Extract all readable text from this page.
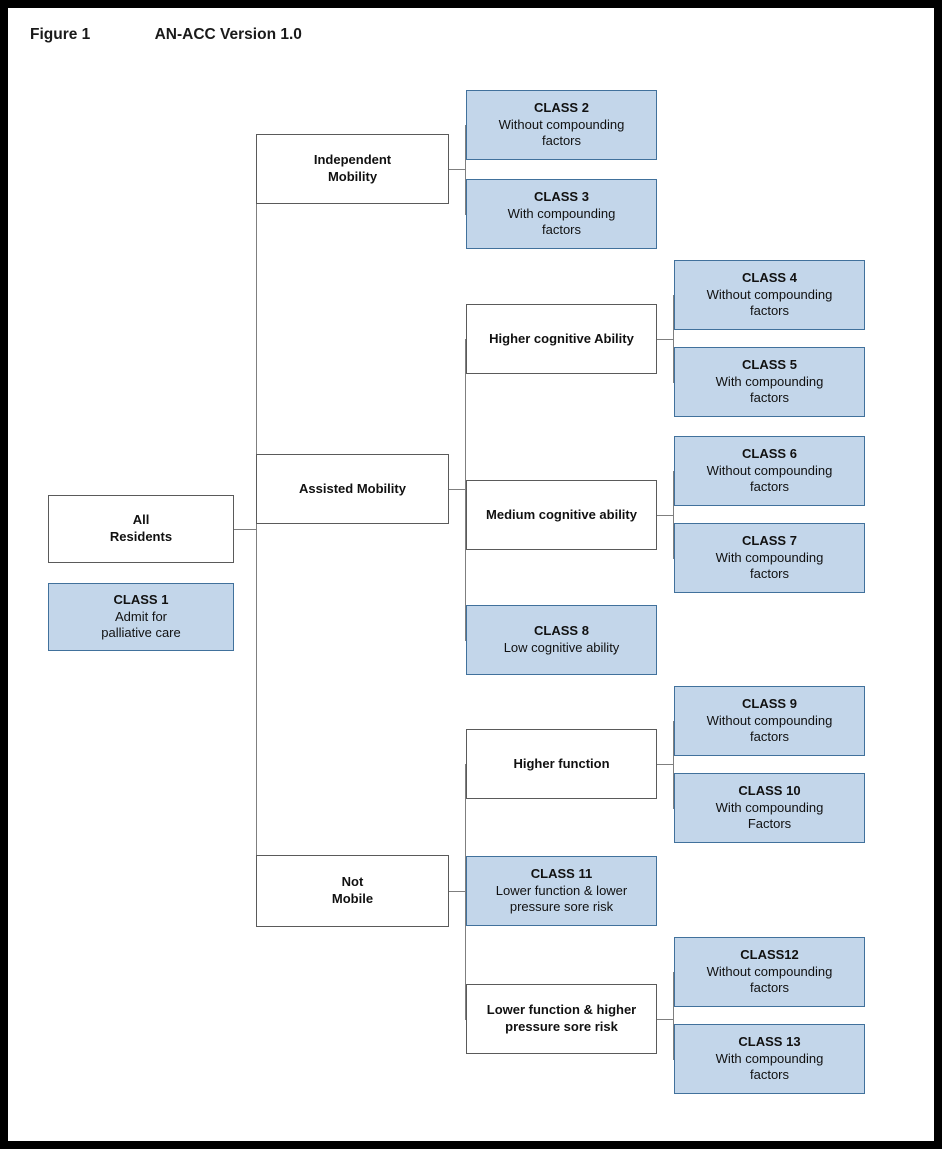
Figure 1	AN-ACC Version 1.0
All
Residents
CLASS 1
Admit for
palliative care
Independent
Mobility
Assisted Mobility
Not
Mobile
Higher cognitive Ability
Medium cognitive ability
Higher function
Lower function & higher
pressure sore risk
CLASS 2
Without compounding
factors
CLASS 3
With compounding
factors
CLASS 4
Without compounding
factors
CLASS 5
With compounding
factors
CLASS 6
Without compounding
factors
CLASS 7
With compounding
factors
CLASS 8
Low cognitive ability
CLASS 9
Without compounding
factors
CLASS 10
With compounding
Factors
CLASS 11
Lower function & lower
pressure sore risk
CLASS12
Without compounding
factors
CLASS 13
With compounding
factors
